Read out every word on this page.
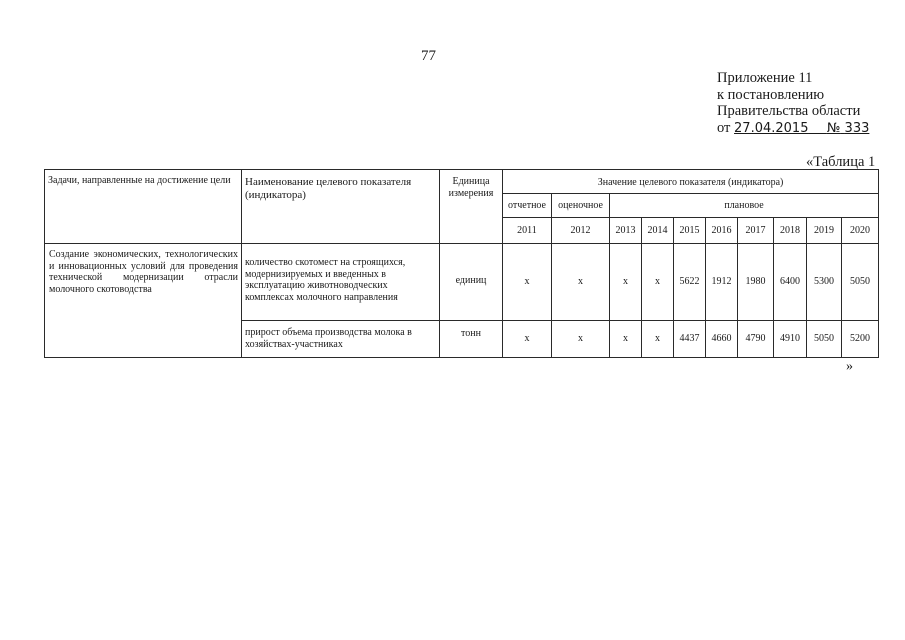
77
Приложение 11
к постановлению
Правительства области
от 27.04.2015 № 333
«Таблица 1
Задачи, направленные на достижение цели	Наименование целевого показателя (индикатора)	Единица измерения	Значение целевого показателя (индикатора)									
			отчетное	оценочное	плановое							
			2011	2012	2013	2014	2015	2016	2017	2018	2019	2020
Создание экономических, технологических и инновационных условий для проведения технической модернизации отрасли молочного скотоводства	количество скотомест на строящихся, модернизируемых и введенных в эксплуатацию животноводческих комплексах молочного направления	единиц	х	х	х	х	5622	1912	1980	6400	5300	5050
	прирост объема производства молока в хозяйствах-участниках	тонн	х	х	х	х	4437	4660	4790	4910	5050	5200
»
